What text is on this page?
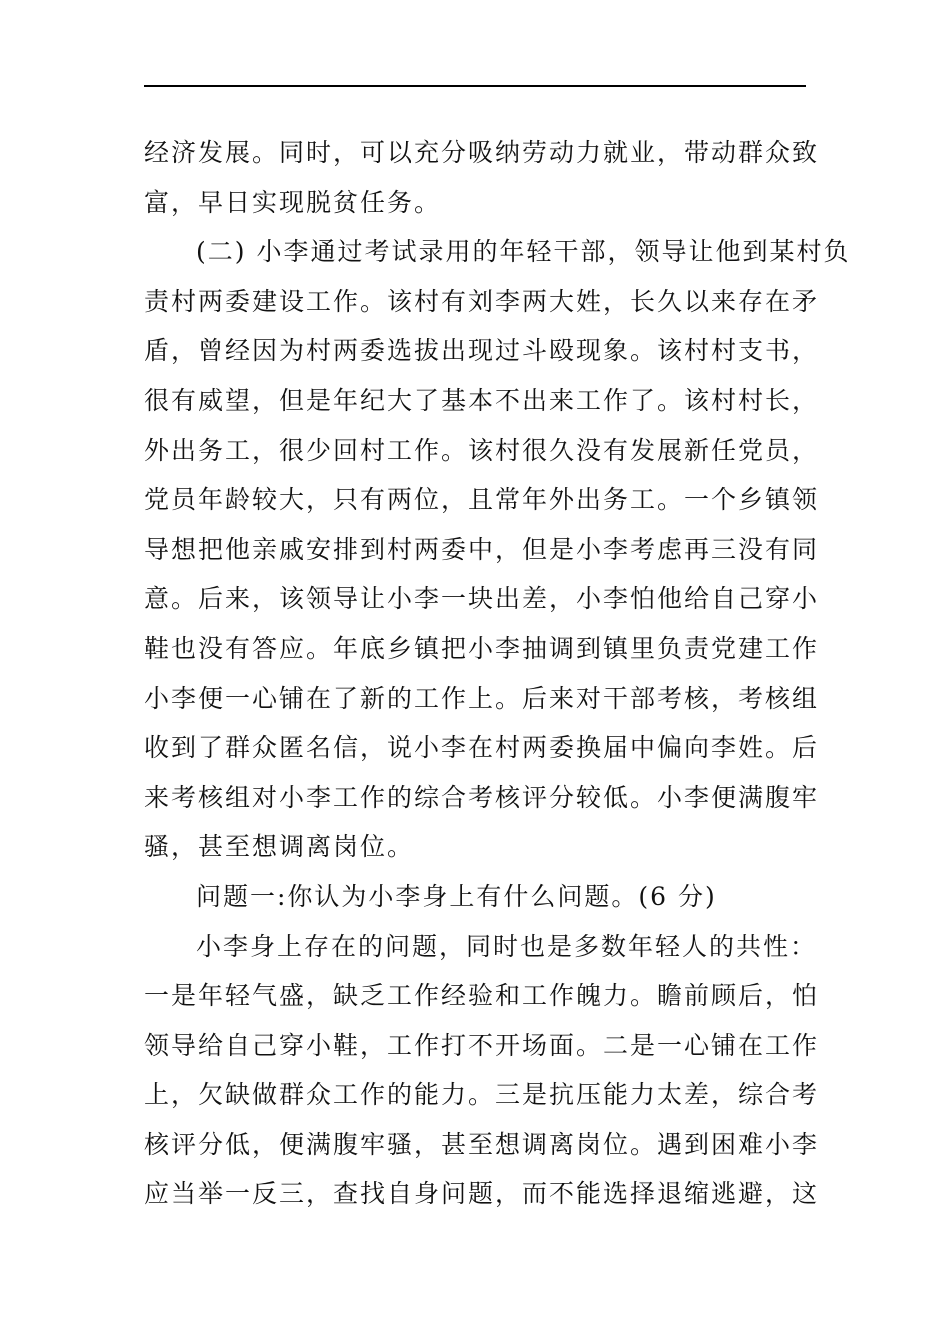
经济发展。同时，可以充分吸纳劳动力就业，带动群众致
富，早日实现脱贫任务。
(二) 小李通过考试录用的年轻干部，领导让他到某村负
责村两委建设工作。该村有刘李两大姓，长久以来存在矛
盾，曾经因为村两委选拔出现过斗殴现象。该村村支书，
很有威望，但是年纪大了基本不出来工作了。该村村长，
外出务工，很少回村工作。该村很久没有发展新任党员，
党员年龄较大，只有两位，且常年外出务工。一个乡镇领
导想把他亲戚安排到村两委中，但是小李考虑再三没有同
意。后来，该领导让小李一块出差，小李怕他给自己穿小
鞋也没有答应。年底乡镇把小李抽调到镇里负责党建工作
小李便一心铺在了新的工作上。后来对干部考核，考核组
收到了群众匿名信，说小李在村两委换届中偏向李姓。后
来考核组对小李工作的综合考核评分较低。小李便满腹牢
骚，甚至想调离岗位。
问题一:你认为小李身上有什么问题。(6 分)
小李身上存在的问题，同时也是多数年轻人的共性：
一是年轻气盛，缺乏工作经验和工作魄力。瞻前顾后，怕
领导给自己穿小鞋，工作打不开场面。二是一心铺在工作
上，欠缺做群众工作的能力。三是抗压能力太差，综合考
核评分低，便满腹牢骚，甚至想调离岗位。遇到困难小李
应当举一反三，查找自身问题，而不能选择退缩逃避，这
